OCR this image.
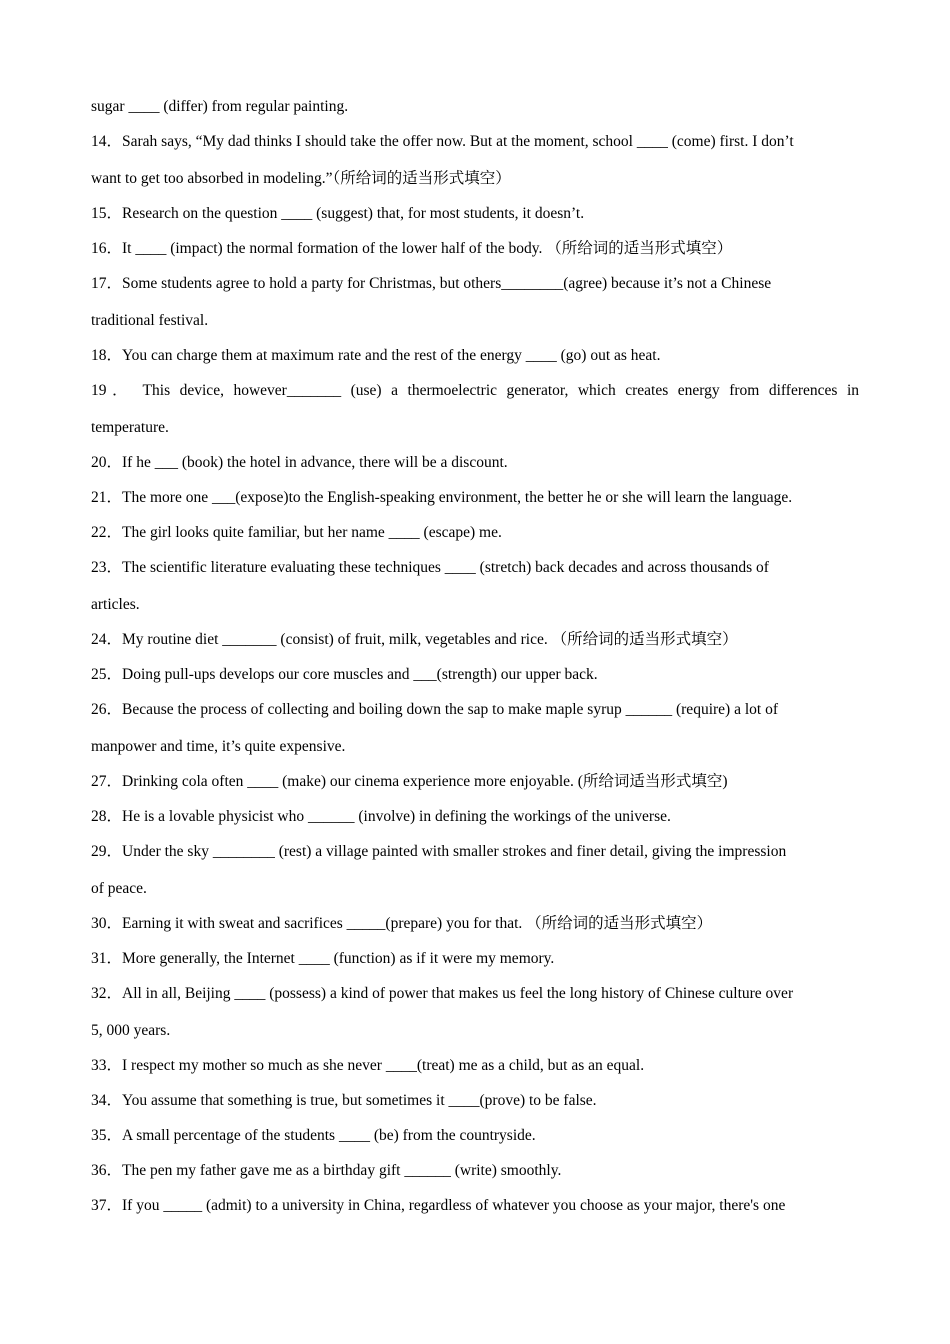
sugar ____ (differ) from regular painting.
14．Sarah says, “My dad thinks I should take the offer now. But at the moment, school ____ (come) first. I don’t
want to get too absorbed in modeling.”（所给词的适当形式填空）
15．Research on the question ____ (suggest) that, for most students, it doesn’t.
16．It ____ (impact) the normal formation of the lower half of the body. （所给词的适当形式填空）
17．Some students agree to hold a party for Christmas, but others________(agree) because it’s not a Chinese
traditional festival.
18．You can charge them at maximum rate and the rest of the energy ____ (go) out as heat.
19． This device, however_______ (use) a thermoelectric generator, which creates energy from differences in
temperature.
20．If he ___ (book) the hotel in advance, there will be a discount.
21．The more one ___(expose)to the English-speaking environment, the better he or she will learn the language.
22．The girl looks quite familiar, but her name ____ (escape) me.
23．The scientific literature evaluating these techniques ____ (stretch) back decades and across thousands of
articles.
24．My routine diet _______ (consist) of fruit, milk, vegetables and rice. （所给词的适当形式填空）
25．Doing pull-ups develops our core muscles and ___(strength) our upper back.
26．Because the process of collecting and boiling down the sap to make maple syrup ______ (require) a lot of
manpower and time, it’s quite expensive.
27．Drinking cola often ____ (make) our cinema experience more enjoyable. (所给词适当形式填空)
28．He is a lovable physicist who ______ (involve) in defining the workings of the universe.
29．Under the sky ________ (rest) a village painted with smaller strokes and finer detail, giving the impression
of peace.
30．Earning it with sweat and sacrifices _____(prepare) you for that. （所给词的适当形式填空）
31．More generally, the Internet ____ (function) as if it were my memory.
32．All in all, Beijing ____ (possess) a kind of power that makes us feel the long history of Chinese culture over
5, 000 years.
33．I respect my mother so much as she never ____(treat) me as a child, but as an equal.
34．You assume that something is true, but sometimes it ____(prove) to be false.
35．A small percentage of the students ____ (be) from the countryside.
36．The pen my father gave me as a birthday gift ______ (write) smoothly.
37．If you _____ (admit) to a university in China, regardless of whatever you choose as your major, there's one
